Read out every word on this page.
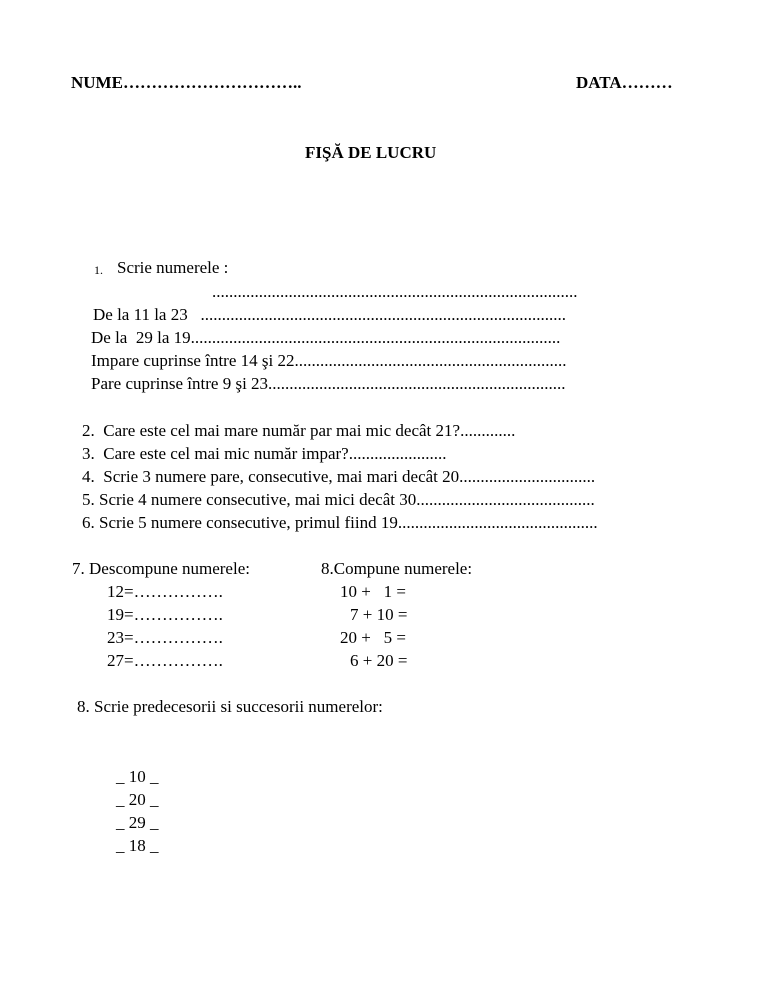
NUME…………………………..	DATA………
FIŞĂ DE LUCRU
1. Scrie numerele :
......................................................................................
De la 11 la 23   ......................................................................................
De la  29 la 19.......................................................................................
Impare cuprinse între 14 şi 22................................................................
Pare cuprinse între 9 şi 23......................................................................
2.  Care este cel mai mare număr par mai mic decât 21?.............
3.  Care este cel mai mic număr impar?.......................
4.  Scrie 3 numere pare, consecutive, mai mari decât 20................................
5. Scrie 4 numere consecutive, mai mici decât 30..........................................
6. Scrie 5 numere consecutive, primul fiind 19...............................................
7. Descompune numerele:
12=…………….
19=…………….
23=…………….
27=…………….
8.Compune numerele:
10 +   1 =
7 + 10 =
20 +   5 =
6 + 20 =
8. Scrie predecesorii si succesorii numerelor:
_ 10 _
_ 20 _
_ 29 _
_ 18 _
